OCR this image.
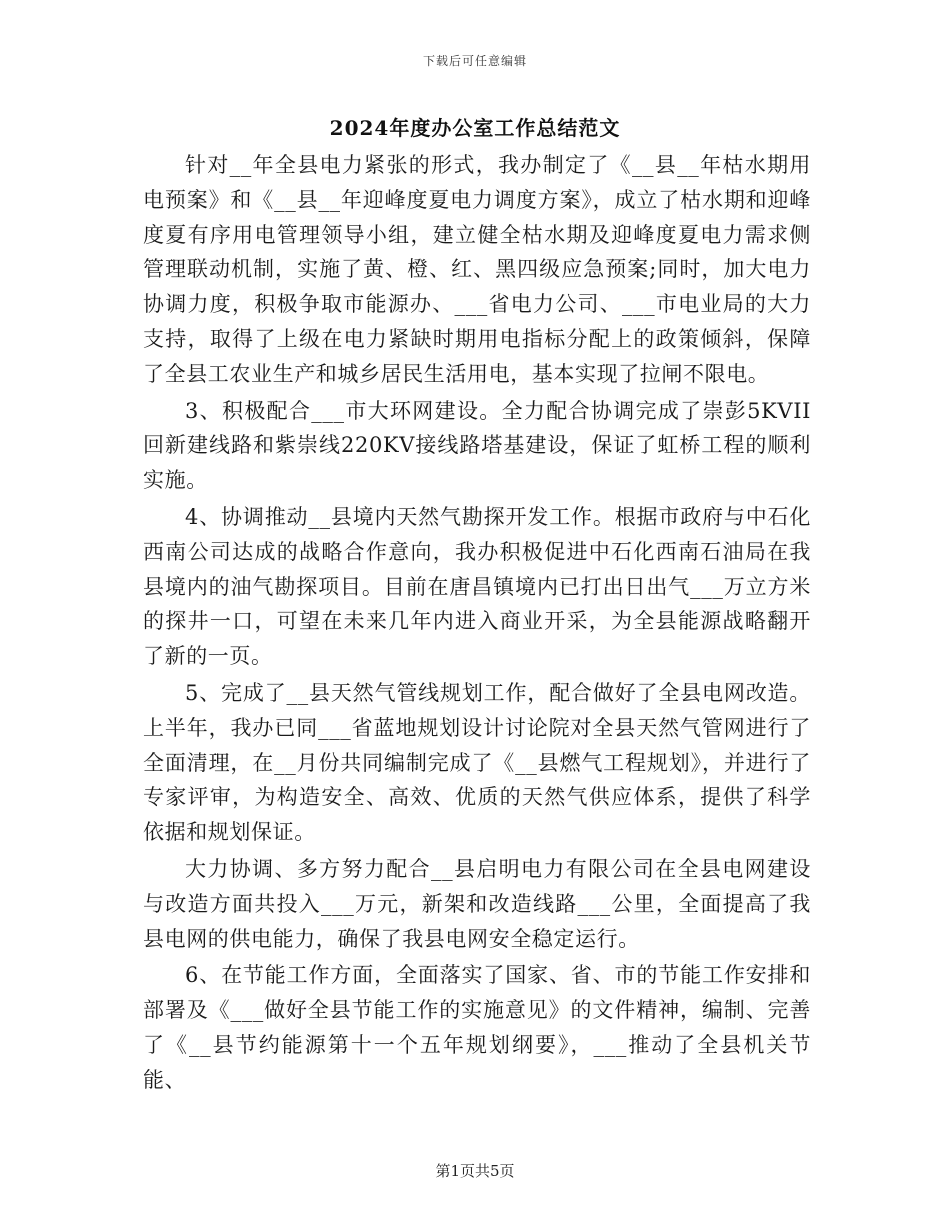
下载后可任意编辑
2024年度办公室工作总结范文

针对__年全县电力紧张的形式，我办制定了《__县__年枯水期用电预案》和《__县__年迎峰度夏电力调度方案》，成立了枯水期和迎峰度夏有序用电管理领导小组，建立健全枯水期及迎峰度夏电力需求侧管理联动机制，实施了黄、橙、红、黑四级应急预案;同时，加大电力协调力度，积极争取市能源办、___省电力公司、___市电业局的大力支持，取得了上级在电力紧缺时期用电指标分配上的政策倾斜，保障了全县工农业生产和城乡居民生活用电，基本实现了拉闸不限电。

3、积极配合___市大环网建设。全力配合协调完成了崇彭5KVII回新建线路和紫崇线220KV接线路塔基建设，保证了虹桥工程的顺利实施。

4、协调推动__县境内天然气勘探开发工作。根据市政府与中石化西南公司达成的战略合作意向，我办积极促进中石化西南石油局在我县境内的油气勘探项目。目前在唐昌镇境内已打出日出气___万立方米的探井一口，可望在未来几年内进入商业开采，为全县能源战略翻开了新的一页。

5、完成了__县天然气管线规划工作，配合做好了全县电网改造。上半年，我办已同___省蓝地规划设计讨论院对全县天然气管网进行了全面清理，在__月份共同编制完成了《__县燃气工程规划》，并进行了专家评审，为构造安全、高效、优质的天然气供应体系，提供了科学依据和规划保证。

大力协调、多方努力配合__县启明电力有限公司在全县电网建设与改造方面共投入___万元，新架和改造线路___公里，全面提高了我县电网的供电能力，确保了我县电网安全稳定运行。

6、在节能工作方面，全面落实了国家、省、市的节能工作安排和部署及《___做好全县节能工作的实施意见》的文件精神，编制、完善了《__县节约能源第十一个五年规划纲要》，___推动了全县机关节能、

第1页共5页
